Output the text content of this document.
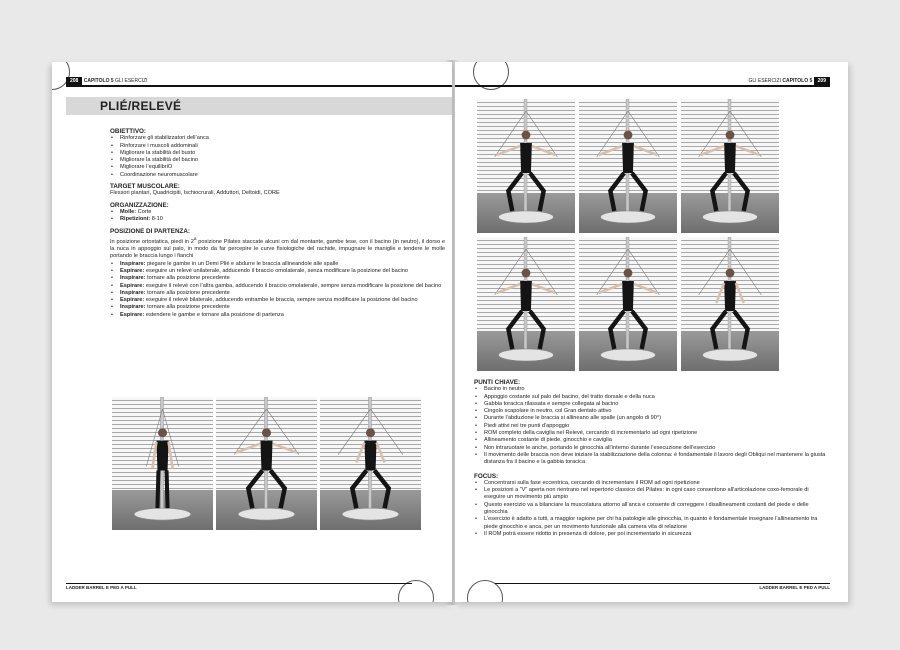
208 CAPITOLO 5 GLI ESERCIZI
PLIÉ/RELEVÉ
OBIETTIVO:
• Rinforzare gli stabilizzatori dell’anca
• Rinforzare i muscoli addominali
• Migliorare la stabilità del busto
• Migliorare la stabilità del bacino
• Migliorare l’equilibriO
• Coordinazione neuromuscolare
TARGET MUSCOLARE:

Flessori plantari, Quadricipiti, Ischiocrurali, Adduttori, Deltoidi, CORE

ORGANIZZAZIONE:
• Molle: Corte
• Ripetizioni: 8-10
POSIZIONE DI PARTENZA:

In posizione ortostatica, piedi in 2$^a$ posizione Pilates staccate alcuni cm dal montante, gambe tese, con il bacino (in neutro), il dorso e la nuca in appoggio sul palo, in modo da far percepire le curve fisiologiche del rachide, impugnare le maniglie e tendere le molle portando le braccia lungo i fianchi

• Inspirare: piegare le gambe in un Demi Plié e abdurre le braccia allineandole alle spalle
• Espirare: eseguire un relevé unilaterale, adducendo il braccio omolaterale, senza modificare la posizione del bacino
• Inspirare: tornare alla posizione precedente
• Espirare: eseguire il relevé con l’altra gamba, adducendo il braccio omolaterale, sempre senza modificare la posizione del bacino
• Inspirare: tornare alla posizione precedente
• Espirare: eseguire il relevé bilaterale, adducendo entrambe le braccia, sempre senza modificare la posizione del bacino
• Inspirare: tornare alla posizione precedente
• Espirare: estendere le gambe e tornare alla posizione di partenza
LADDER BARREL E PED A PULL
GLI ESERCIZI CAPITOLO 5 209
PUNTI CHIAVE:
• Bacino in neutro
• Appoggio costante sul palo del bacino, del tratto dorsale e della nuca
• Gabbia toracica rilassata e sempre collegata al bacino
• Cingolo scapolare in neutro, col Gran dentato attivo
• Durante l’abduzione le braccia si allineano alle spalle (un angolo di 90°)
• Piedi attivi nei tre punti d’appoggio
• ROM completo della caviglia nel Relevé, cercando di incrementarlo ad ogni ripetizione
• Allineamento costante di piede, ginocchio e caviglia
• Non intraruotare le anche, portando le ginocchia all’interno durante l’esecuzione dell’esercizio
• Il movimento delle braccia non deve iniziare la stabilizzazione della colonna: è fondamentale il lavoro degli Obliqui nel mantenere la giusta distanza fra il bacino e la gabbia toracica
FOCUS:
• Concentrarsi sulla fase eccentrica, cercando di incrementare il ROM ad ogni ripetizione
• Le posizioni a “V” aperta non rientrano nel repertorio classico del Pilates: in ogni caso consentono all’articolazione coxo-femorale di eseguire un movimento più ampio
• Questo esercizio va a bilanciare la muscolatura attorno all’anca e consente di correggere i disallineamenti costanti del piede e delle ginocchia
• L’esercizio è adatto a tutti, a maggior ragione per chi ha patologie alle ginocchia, in quanto è fondamentale insegnare l’allineamento tra piede ginocchio e anca, per un movimento funzionale alla camera vita di relazione
• Il ROM potrà essere ridotto in presenza di dolore, per poi incrementarlo in sicurezza
LADDER BARREL E PED A PULL
